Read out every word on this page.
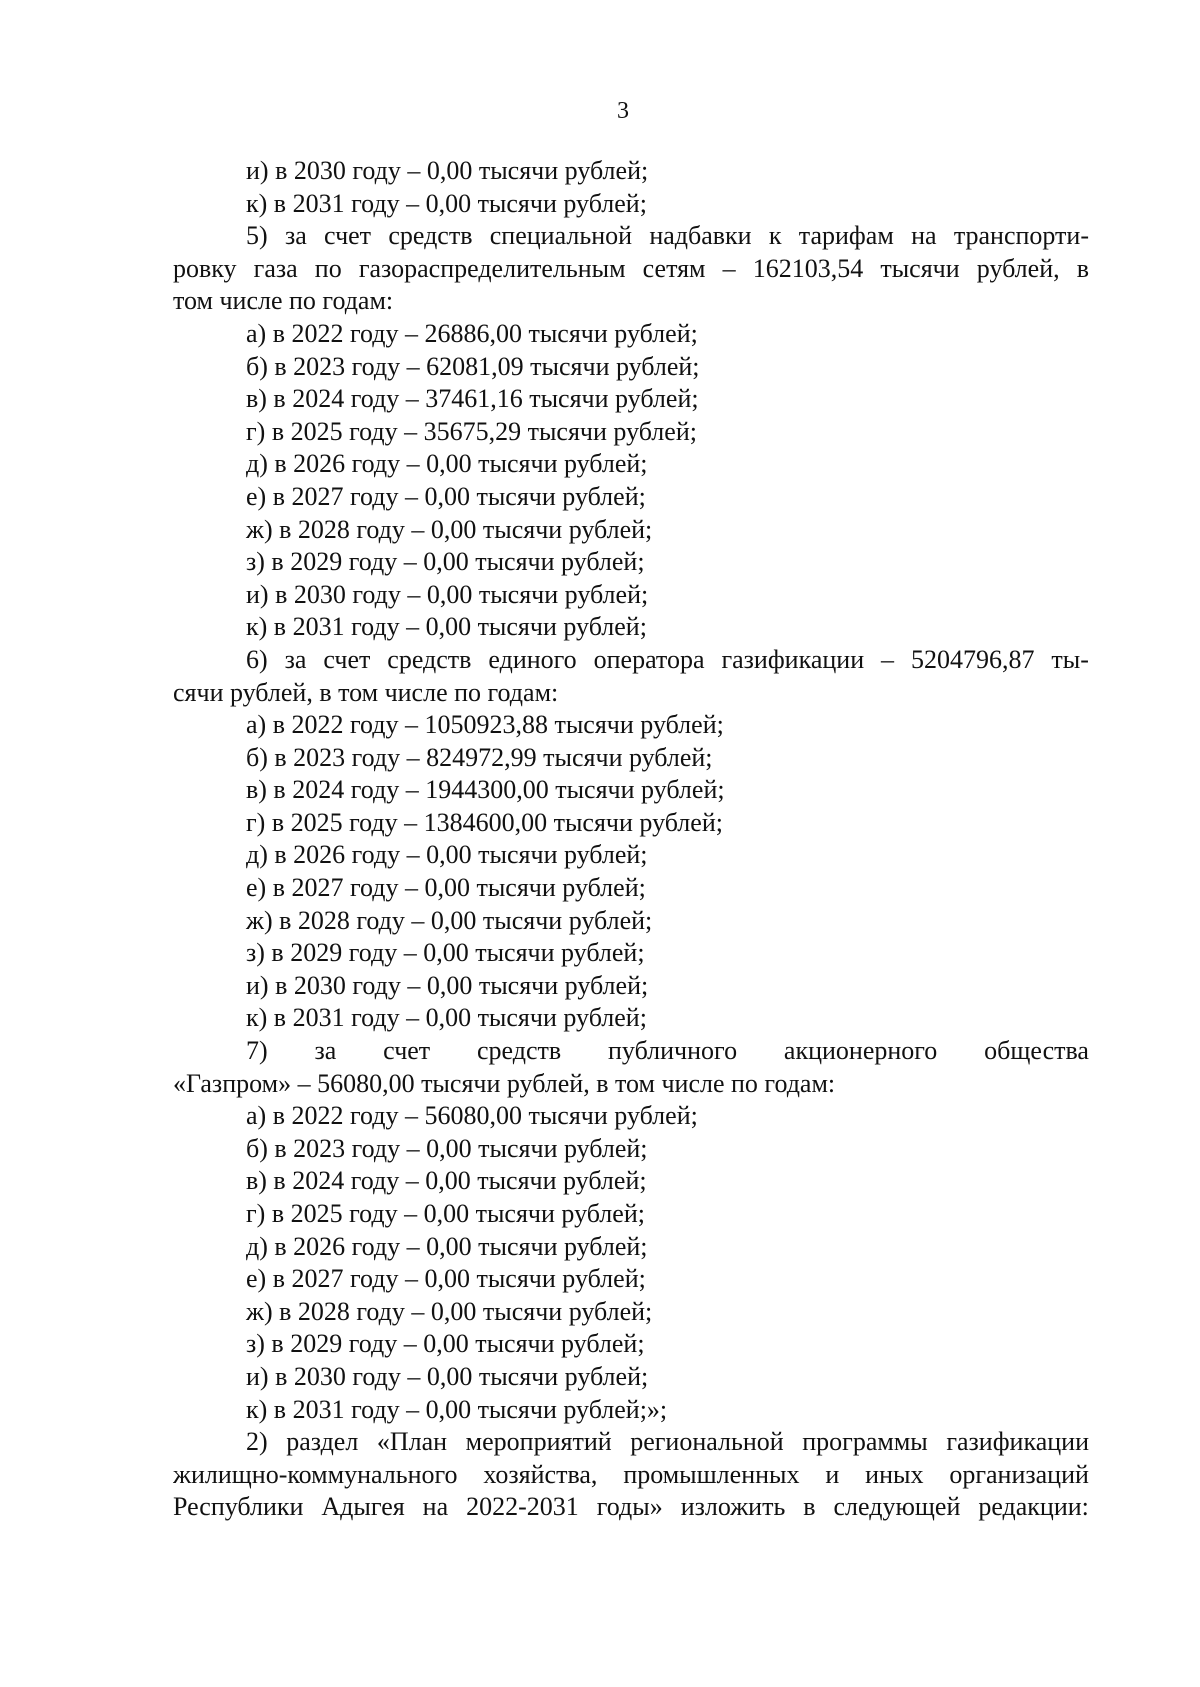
3
и) в 2030 году – 0,00 тысячи рублей;
к) в 2031 году – 0,00 тысячи рублей;
5) за счет средств специальной надбавки к тарифам на транспорти-
ровку газа по газораспределительным сетям – 162103,54 тысячи рублей, в
том числе по годам:
а) в 2022 году – 26886,00 тысячи рублей;
б) в 2023 году – 62081,09 тысячи рублей;
в) в 2024 году – 37461,16 тысячи рублей;
г) в 2025 году – 35675,29 тысячи рублей;
д) в 2026 году – 0,00 тысячи рублей;
е) в 2027 году – 0,00 тысячи рублей;
ж) в 2028 году – 0,00 тысячи рублей;
з) в 2029 году – 0,00 тысячи рублей;
и) в 2030 году – 0,00 тысячи рублей;
к) в 2031 году – 0,00 тысячи рублей;
6) за счет средств единого оператора газификации – 5204796,87 ты-
сячи рублей, в том числе по годам:
а) в 2022 году – 1050923,88 тысячи рублей;
б) в 2023 году – 824972,99 тысячи рублей;
в) в 2024 году – 1944300,00 тысячи рублей;
г) в 2025 году – 1384600,00 тысячи рублей;
д) в 2026 году – 0,00 тысячи рублей;
е) в 2027 году – 0,00 тысячи рублей;
ж) в 2028 году – 0,00 тысячи рублей;
з) в 2029 году – 0,00 тысячи рублей;
и) в 2030 году – 0,00 тысячи рублей;
к) в 2031 году – 0,00 тысячи рублей;
7) за счет средств публичного акционерного общества
«Газпром» – 56080,00 тысячи рублей, в том числе по годам:
а) в 2022 году – 56080,00 тысячи рублей;
б) в 2023 году – 0,00 тысячи рублей;
в) в 2024 году – 0,00 тысячи рублей;
г) в 2025 году – 0,00 тысячи рублей;
д) в 2026 году – 0,00 тысячи рублей;
е) в 2027 году – 0,00 тысячи рублей;
ж) в 2028 году – 0,00 тысячи рублей;
з) в 2029 году – 0,00 тысячи рублей;
и) в 2030 году – 0,00 тысячи рублей;
к) в 2031 году – 0,00 тысячи рублей;»;
2) раздел «План мероприятий региональной программы газификации
жилищно-коммунального хозяйства, промышленных и иных организаций
Республики Адыгея на 2022-2031 годы» изложить в следующей редакции:
